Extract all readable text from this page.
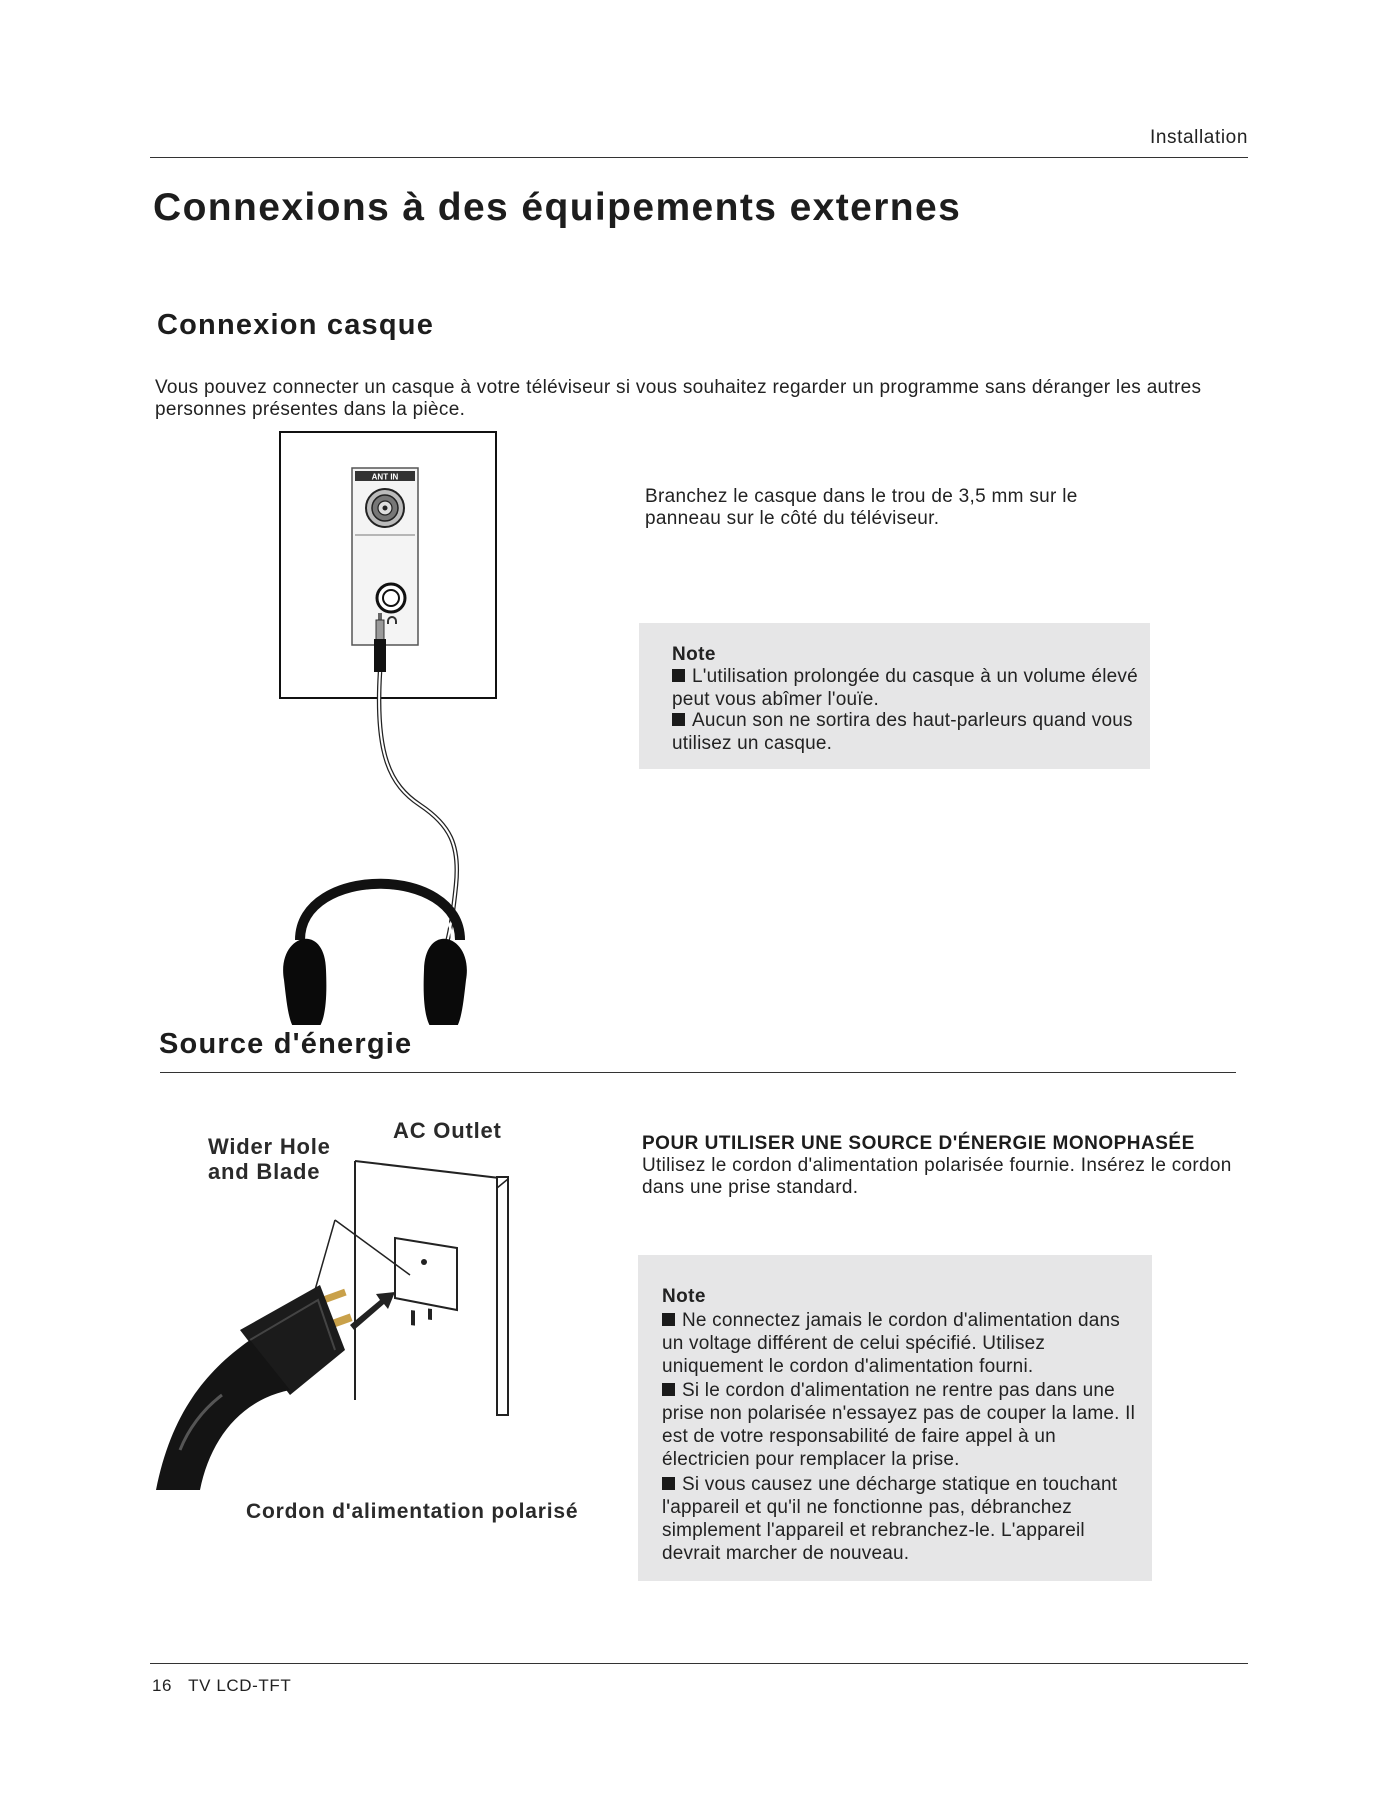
Installation
Connexions à des équipements externes
Connexion casque
Vous pouvez connecter un casque à votre téléviseur si vous souhaitez regarder un programme sans déranger les autres personnes présentes dans la pièce.
ANT IN
Branchez le casque dans le trou de 3,5 mm sur le panneau sur le côté du téléviseur.
Note
L'utilisation prolongée du casque à un volume élevé peut vous abîmer l'ouïe.
Aucun son ne sortira des haut-parleurs quand vous utilisez un casque.
Source d'énergie
Wider Hole and Blade
AC Outlet
Cordon d'alimentation polarisé
POUR UTILISER UNE SOURCE D'ÉNERGIE MONOPHASÉE
Utilisez le cordon d'alimentation polarisée fournie. Insérez le cordon dans une prise standard.
Note
Ne connectez jamais le cordon d'alimentation dans un voltage différent de celui spécifié. Utilisez uniquement le cordon d'alimentation fourni.
Si le cordon d'alimentation ne rentre pas dans une prise non polarisée n'essayez pas de couper la lame. Il est de votre responsabilité de faire appel à un électricien pour remplacer la prise.
Si vous causez une décharge statique en touchant l'appareil et qu'il ne fonctionne pas, débranchez simplement l'appareil et rebranchez-le. L'appareil devrait marcher de nouveau.
16 TV LCD-TFT
